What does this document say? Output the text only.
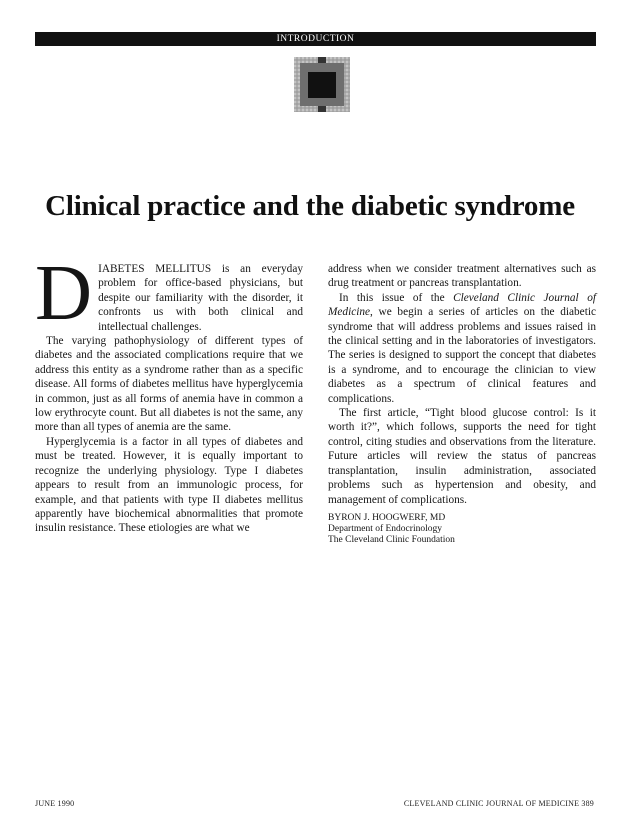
INTRODUCTION
Clinical practice and the diabetic syndrome

DIABETES MELLITUS is an everyday problem for office-based physicians, but despite our familiarity with the disorder, it confronts us with both clinical and intellectual challenges.

The varying pathophysiology of different types of diabetes and the associated complications require that we address this entity as a syndrome rather than as a specific disease. All forms of diabetes mellitus have hyperglycemia in common, just as all forms of anemia have in common a low erythrocyte count. But all diabetes is not the same, any more than all types of anemia are the same.

Hyperglycemia is a factor in all types of diabetes and must be treated. However, it is equally important to recognize the underlying physiology. Type I diabetes appears to result from an immunologic process, for example, and that patients with type II diabetes mellitus apparently have biochemical abnormalities that promote insulin resistance. These etiologies are what we

address when we consider treatment alternatives such as drug treatment or pancreas transplantation.

In this issue of the Cleveland Clinic Journal of Medicine, we begin a series of articles on the diabetic syndrome that will address problems and issues raised in the clinical setting and in the laboratories of investigators. The series is designed to support the concept that diabetes is a syndrome, and to encourage the clinician to view diabetes as a spectrum of clinical features and complications.

The first article, “Tight blood glucose control: Is it worth it?”, which follows, supports the need for tight control, citing studies and observations from the literature. Future articles will review the status of pancreas transplantation, insulin administration, associated problems such as hypertension and obesity, and management of complications.

BYRON J. HOOGWERF, MD
Department of Endocrinology
The Cleveland Clinic Foundation
JUNE 1990	CLEVELAND CLINIC JOURNAL OF MEDICINE 389
